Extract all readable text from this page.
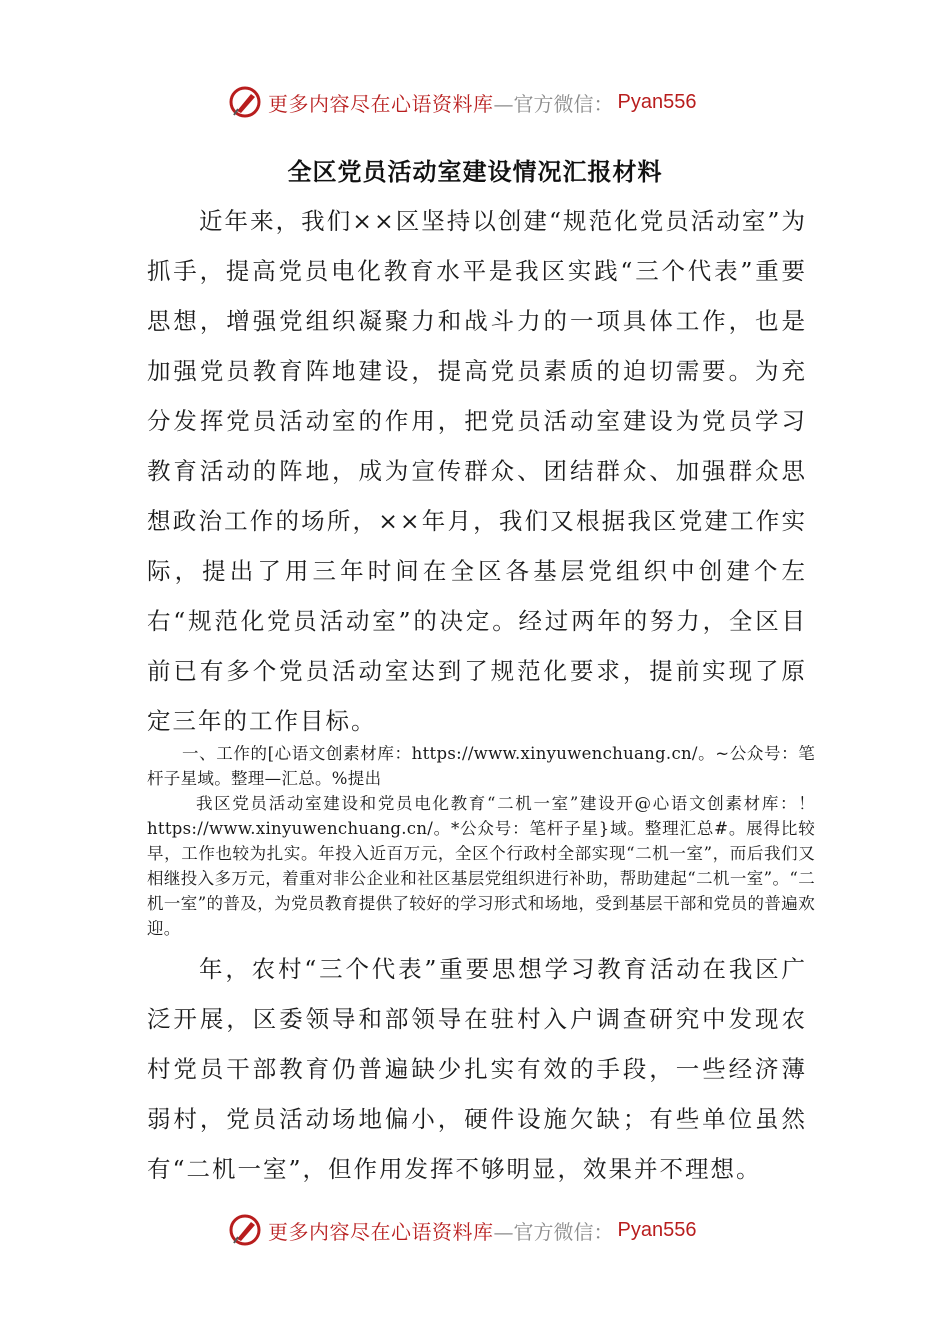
更多内容尽在心语资料库 —官方微信： Pyan556
全区党员活动室建设情况汇报材料

近年来，我们××区坚持以创建“规范化党员活动室”为抓手，提高党员电化教育水平是我区实践“三个代表”重要思想，增强党组织凝聚力和战斗力的一项具体工作，也是加强党员教育阵地建设，提高党员素质的迫切需要。为充分发挥党员活动室的作用，把党员活动室建设为党员学习教育活动的阵地，成为宣传群众、团结群众、加强群众思想政治工作的场所，××年月，我们又根据我区党建工作实际，提出了用三年时间在全区各基层党组织中创建个左右“规范化党员活动室”的决定。经过两年的努力，全区目前已有多个党员活动室达到了规范化要求，提前实现了原定三年的工作目标。

一、工作的[心语文创素材库：https://www.xinyuwenchuang.cn/。~公众号：笔杆子星域。整理—汇总。%提出

我区党员活动室建设和党员电化教育“二机一室”建设开@心语文创素材库：！https://www.xinyuwenchuang.cn/。*公众号：笔杆子星}域。整理汇总#。展得比较早，工作也较为扎实。年投入近百万元，全区个行政村全部实现“二机一室”，而后我们又相继投入多万元，着重对非公企业和社区基层党组织进行补助，帮助建起“二机一室”。“二机一室”的普及，为党员教育提供了较好的学习形式和场地，受到基层干部和党员的普遍欢迎。

年，农村“三个代表”重要思想学习教育活动在我区广泛开展，区委领导和部领导在驻村入户调查研究中发现农村党员干部教育仍普遍缺少扎实有效的手段，一些经济薄弱村，党员活动场地偏小，硬件设施欠缺；有些单位虽然有“二机一室”，但作用发挥不够明显，效果并不理想。

更多内容尽在心语资料库 —官方微信： Pyan556
